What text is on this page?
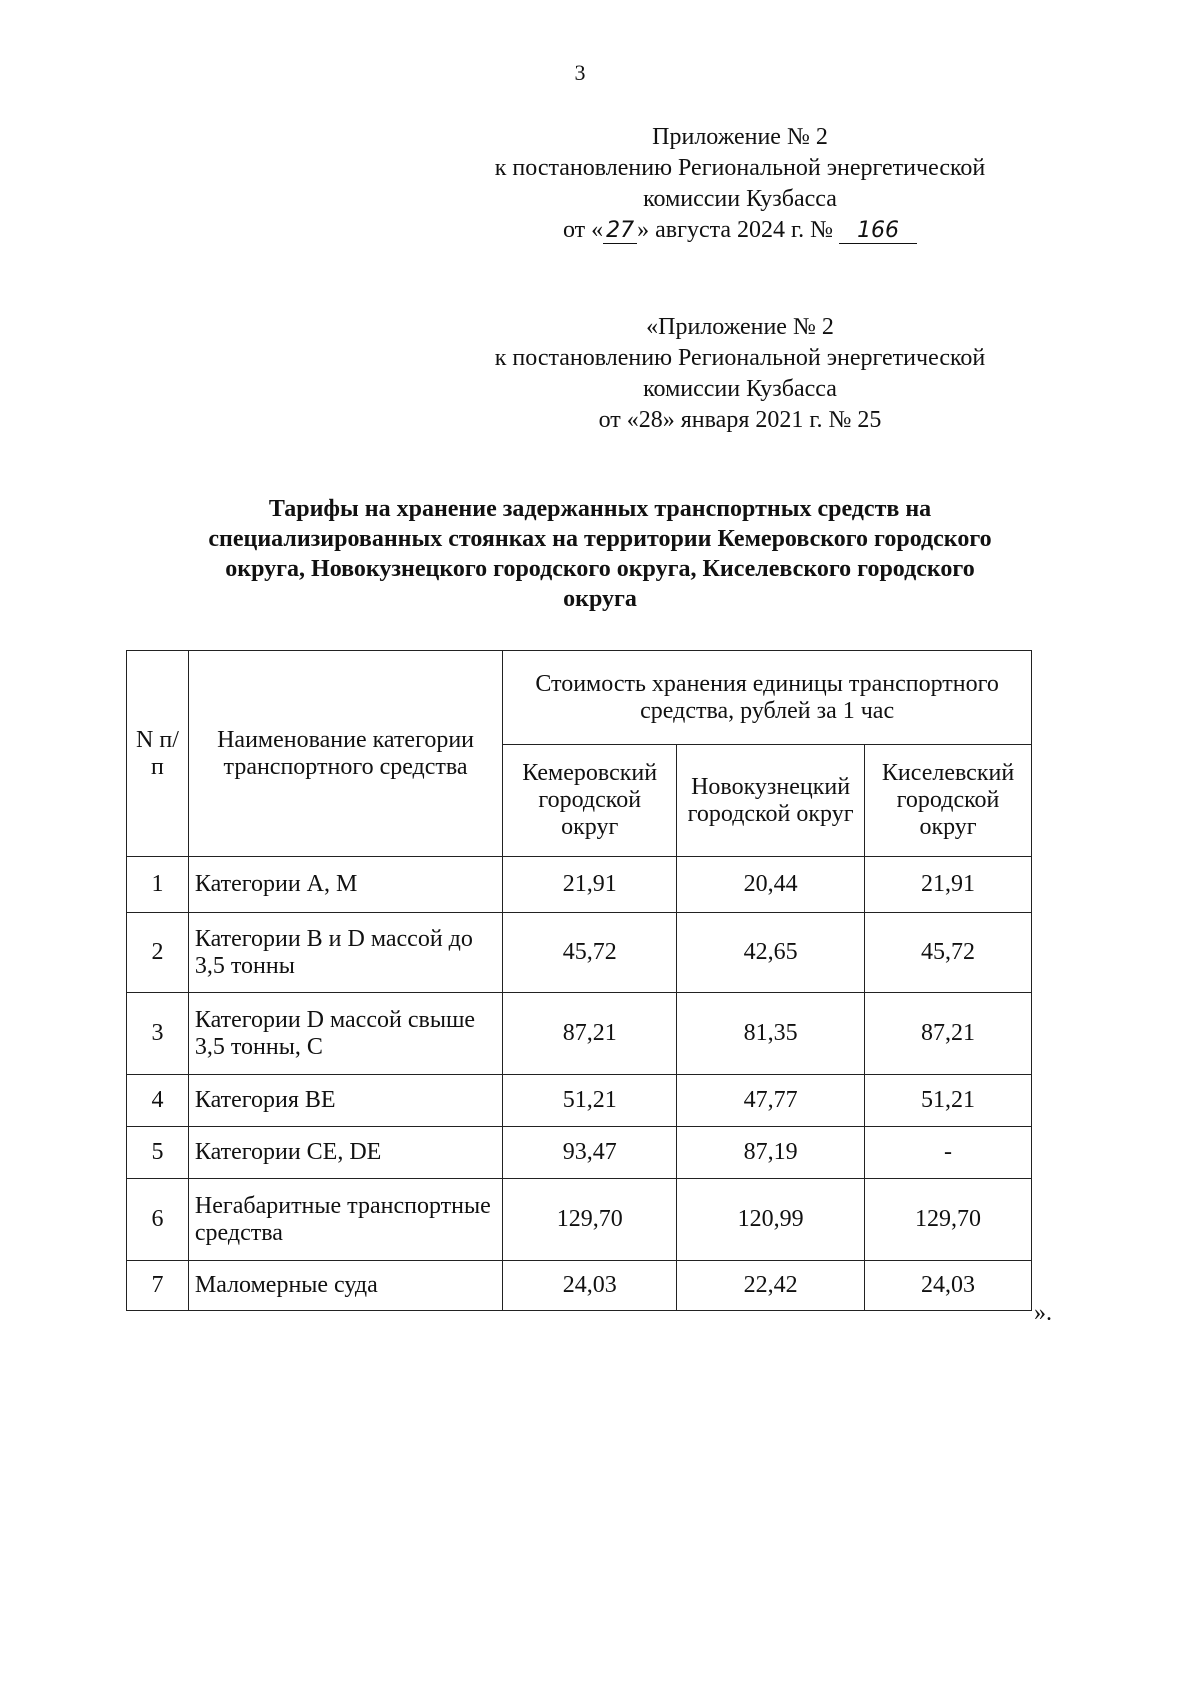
3
Приложение № 2
к постановлению Региональной энергетической
комиссии Кузбасса
от « 27 » августа 2024 г. № 166
«Приложение № 2
к постановлению Региональной энергетической
комиссии Кузбасса
от «28» января 2021 г. № 25
Тарифы на хранение задержанных транспортных средств на
специализированных стоянках на территории Кемеровского городского
округа, Новокузнецкого городского округа, Киселевского городского
округа
N п/п	Наименование категории транспортного средства	Стоимость хранения единицы транспортного средства, рублей за 1 час		
		Кемеровский городской округ	Новокузнецкий городской округ	Киселевский городской округ
1	Категории A, M	21,91	20,44	21,91
2	Категории B и D массой до 3,5 тонны	45,72	42,65	45,72
3	Категории D массой свыше 3,5 тонны, C	87,21	81,35	87,21
4	Категория BE	51,21	47,77	51,21
5	Категории CE, DE	93,47	87,19	-
6	Негабаритные транспортные средства	129,70	120,99	129,70
7	Маломерные суда	24,03	22,42	24,03
».
